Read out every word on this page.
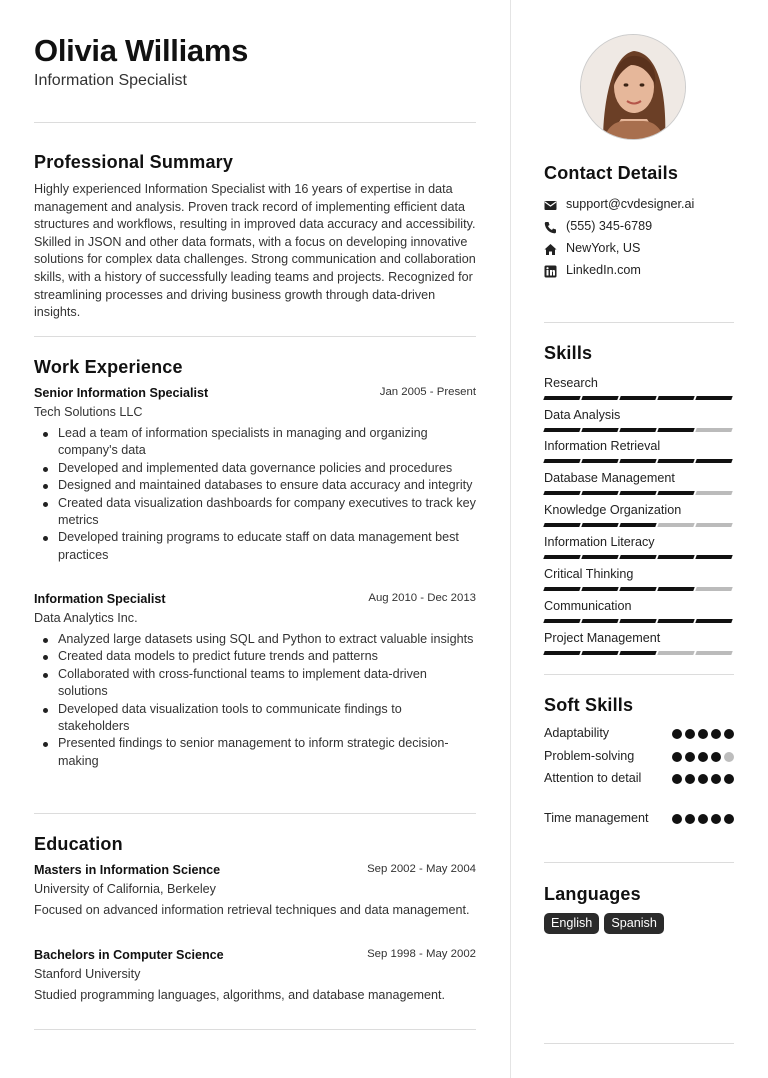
Olivia Williams
Information Specialist
Professional Summary
Highly experienced Information Specialist with 16 years of expertise in data management and analysis. Proven track record of implementing efficient data structures and workflows, resulting in improved data accuracy and accessibility. Skilled in JSON and other data formats, with a focus on developing innovative solutions for complex data challenges. Strong communication and collaboration skills, with a history of successfully leading teams and projects. Recognized for streamlining processes and driving business growth through data-driven insights.
Work Experience
Senior Information Specialist	Jan 2005 - Present
Tech Solutions LLC
Lead a team of information specialists in managing and organizing company's data
Developed and implemented data governance policies and procedures
Designed and maintained databases to ensure data accuracy and integrity
Created data visualization dashboards for company executives to track key metrics
Developed training programs to educate staff on data management best practices
Information Specialist	Aug 2010 - Dec 2013
Data Analytics Inc.
Analyzed large datasets using SQL and Python to extract valuable insights
Created data models to predict future trends and patterns
Collaborated with cross-functional teams to implement data-driven solutions
Developed data visualization tools to communicate findings to stakeholders
Presented findings to senior management to inform strategic decision-making
Education
Masters in Information Science	Sep 2002 - May 2004
University of California, Berkeley
Focused on advanced information retrieval techniques and data management.
Bachelors in Computer Science	Sep 1998 - May 2002
Stanford University
Studied programming languages, algorithms, and database management.
Contact Details
support@cvdesigner.ai
(555) 345-6789
NewYork, US
LinkedIn.com
Skills
Research
Data Analysis
Information Retrieval
Database Management
Knowledge Organization
Information Literacy
Critical Thinking
Communication
Project Management
Soft Skills
Adaptability
Problem-solving
Attention to detail
Time management
Languages
English	Spanish
